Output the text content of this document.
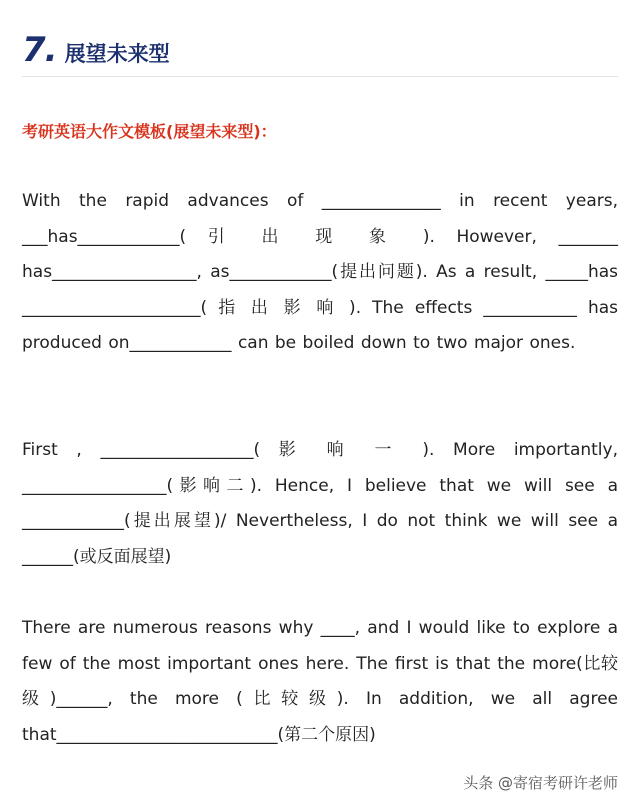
7. 展望未来型
考研英语大作文模板(展望未来型)：
With the rapid advances of ______________ in recent years, ___has____________( 引 出 现 象 ). However, _______ has_________________, as____________(提出问题). As a result, _____has _____________________( 指 出 影 响 ). The effects ___________ has produced on____________ can be boiled down to two major ones.
First , __________________( 影 响 一 ). More importantly, _________________(影响二). Hence, I believe that we will see a ____________(提出展望)/ Nevertheless, I do not think we will see a ______(或反面展望)
There are numerous reasons why ____, and I would like to explore a few of the most important ones here. The first is that the more(比较级)______, the more (比较级). In addition, we all agree that__________________________(第二个原因)
头条 @寄宿考研许老师
